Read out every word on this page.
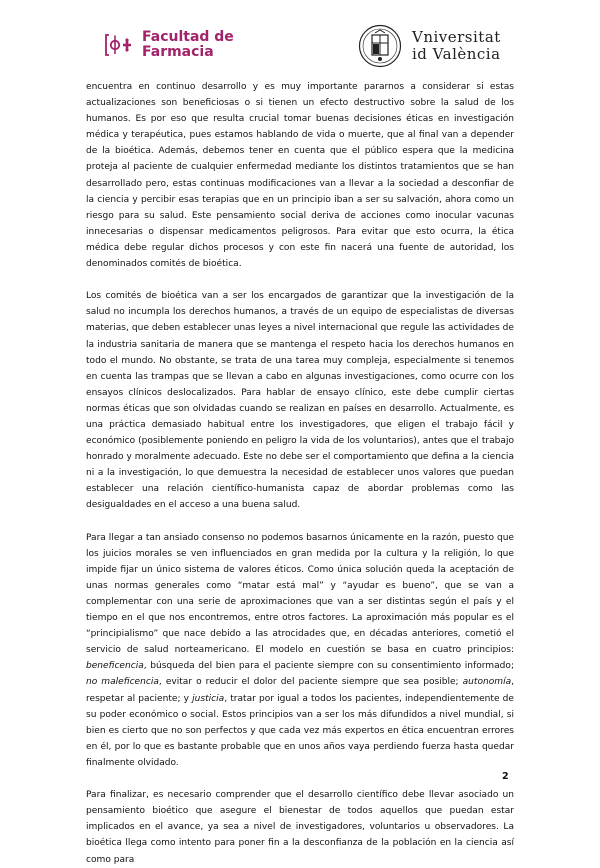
Facultad de
Farmacia
Vniversitat
id València

encuentra en continuo desarrollo y es muy importante pararnos a considerar si estas actualizaciones son beneficiosas o si tienen un efecto destructivo sobre la salud de los humanos. Es por eso que resulta crucial tomar buenas decisiones éticas en investigación médica y terapéutica, pues estamos hablando de vida o muerte, que al final van a depender de la bioética. Además, debemos tener en cuenta que el público espera que la medicina proteja al paciente de cualquier enfermedad mediante los distintos tratamientos que se han desarrollado pero, estas continuas modificaciones van a llevar a la sociedad a desconfiar de la ciencia y percibir esas terapias que en un principio iban a ser su salvación, ahora como un riesgo para su salud. Este pensamiento social deriva de acciones como inocular vacunas innecesarias o dispensar medicamentos peligrosos. Para evitar que esto ocurra, la ética médica debe regular dichos procesos y con este fin nacerá una fuente de autoridad, los denominados comités de bioética.

Los comités de bioética van a ser los encargados de garantizar que la investigación de la salud no incumpla los derechos humanos, a través de un equipo de especialistas de diversas materias, que deben establecer unas leyes a nivel internacional que regule las actividades de la industria sanitaria de manera que se mantenga el respeto hacia los derechos humanos en todo el mundo. No obstante, se trata de una tarea muy compleja, especialmente si tenemos en cuenta las trampas que se llevan a cabo en algunas investigaciones, como ocurre con los ensayos clínicos deslocalizados. Para hablar de ensayo clínico, este debe cumplir ciertas normas éticas que son olvidadas cuando se realizan en países en desarrollo. Actualmente, es una práctica demasiado habitual entre los investigadores, que eligen el trabajo fácil y económico (posiblemente poniendo en peligro la vida de los voluntarios), antes que el trabajo honrado y moralmente adecuado. Este no debe ser el comportamiento que defina a la ciencia ni a la investigación, lo que demuestra la necesidad de establecer unos valores que puedan establecer una relación científico-humanista capaz de abordar problemas como las desigualdades en el acceso a una buena salud.

Para llegar a tan ansiado consenso no podemos basarnos únicamente en la razón, puesto que los juicios morales se ven influenciados en gran medida por la cultura y la religión, lo que impide fijar un único sistema de valores éticos. Como única solución queda la aceptación de unas normas generales como “matar está mal” y “ayudar es bueno”, que se van a complementar con una serie de aproximaciones que van a ser distintas según el país y el tiempo en el que nos encontremos, entre otros factores. La aproximación más popular es el “principialismo” que nace debido a las atrocidades que, en décadas anteriores, cometió el servicio de salud norteamericano. El modelo en cuestión se basa en cuatro principios: beneficencia, búsqueda del bien para el paciente siempre con su consentimiento informado; no maleficencia, evitar o reducir el dolor del paciente siempre que sea posible; autonomía, respetar al paciente; y justicia, tratar por igual a todos los pacientes, independientemente de su poder económico o social. Estos principios van a ser los más difundidos a nivel mundial, si bien es cierto que no son perfectos y que cada vez más expertos en ética encuentran errores en él, por lo que es bastante probable que en unos años vaya perdiendo fuerza hasta quedar finalmente olvidado.

Para finalizar, es necesario comprender que el desarrollo científico debe llevar asociado un pensamiento bioético que asegure el bienestar de todos aquellos que puedan estar implicados en el avance, ya sea a nivel de investigadores, voluntarios u observadores. La bioética llega como intento para poner fin a la desconfianza de la población en la ciencia así como para

2
